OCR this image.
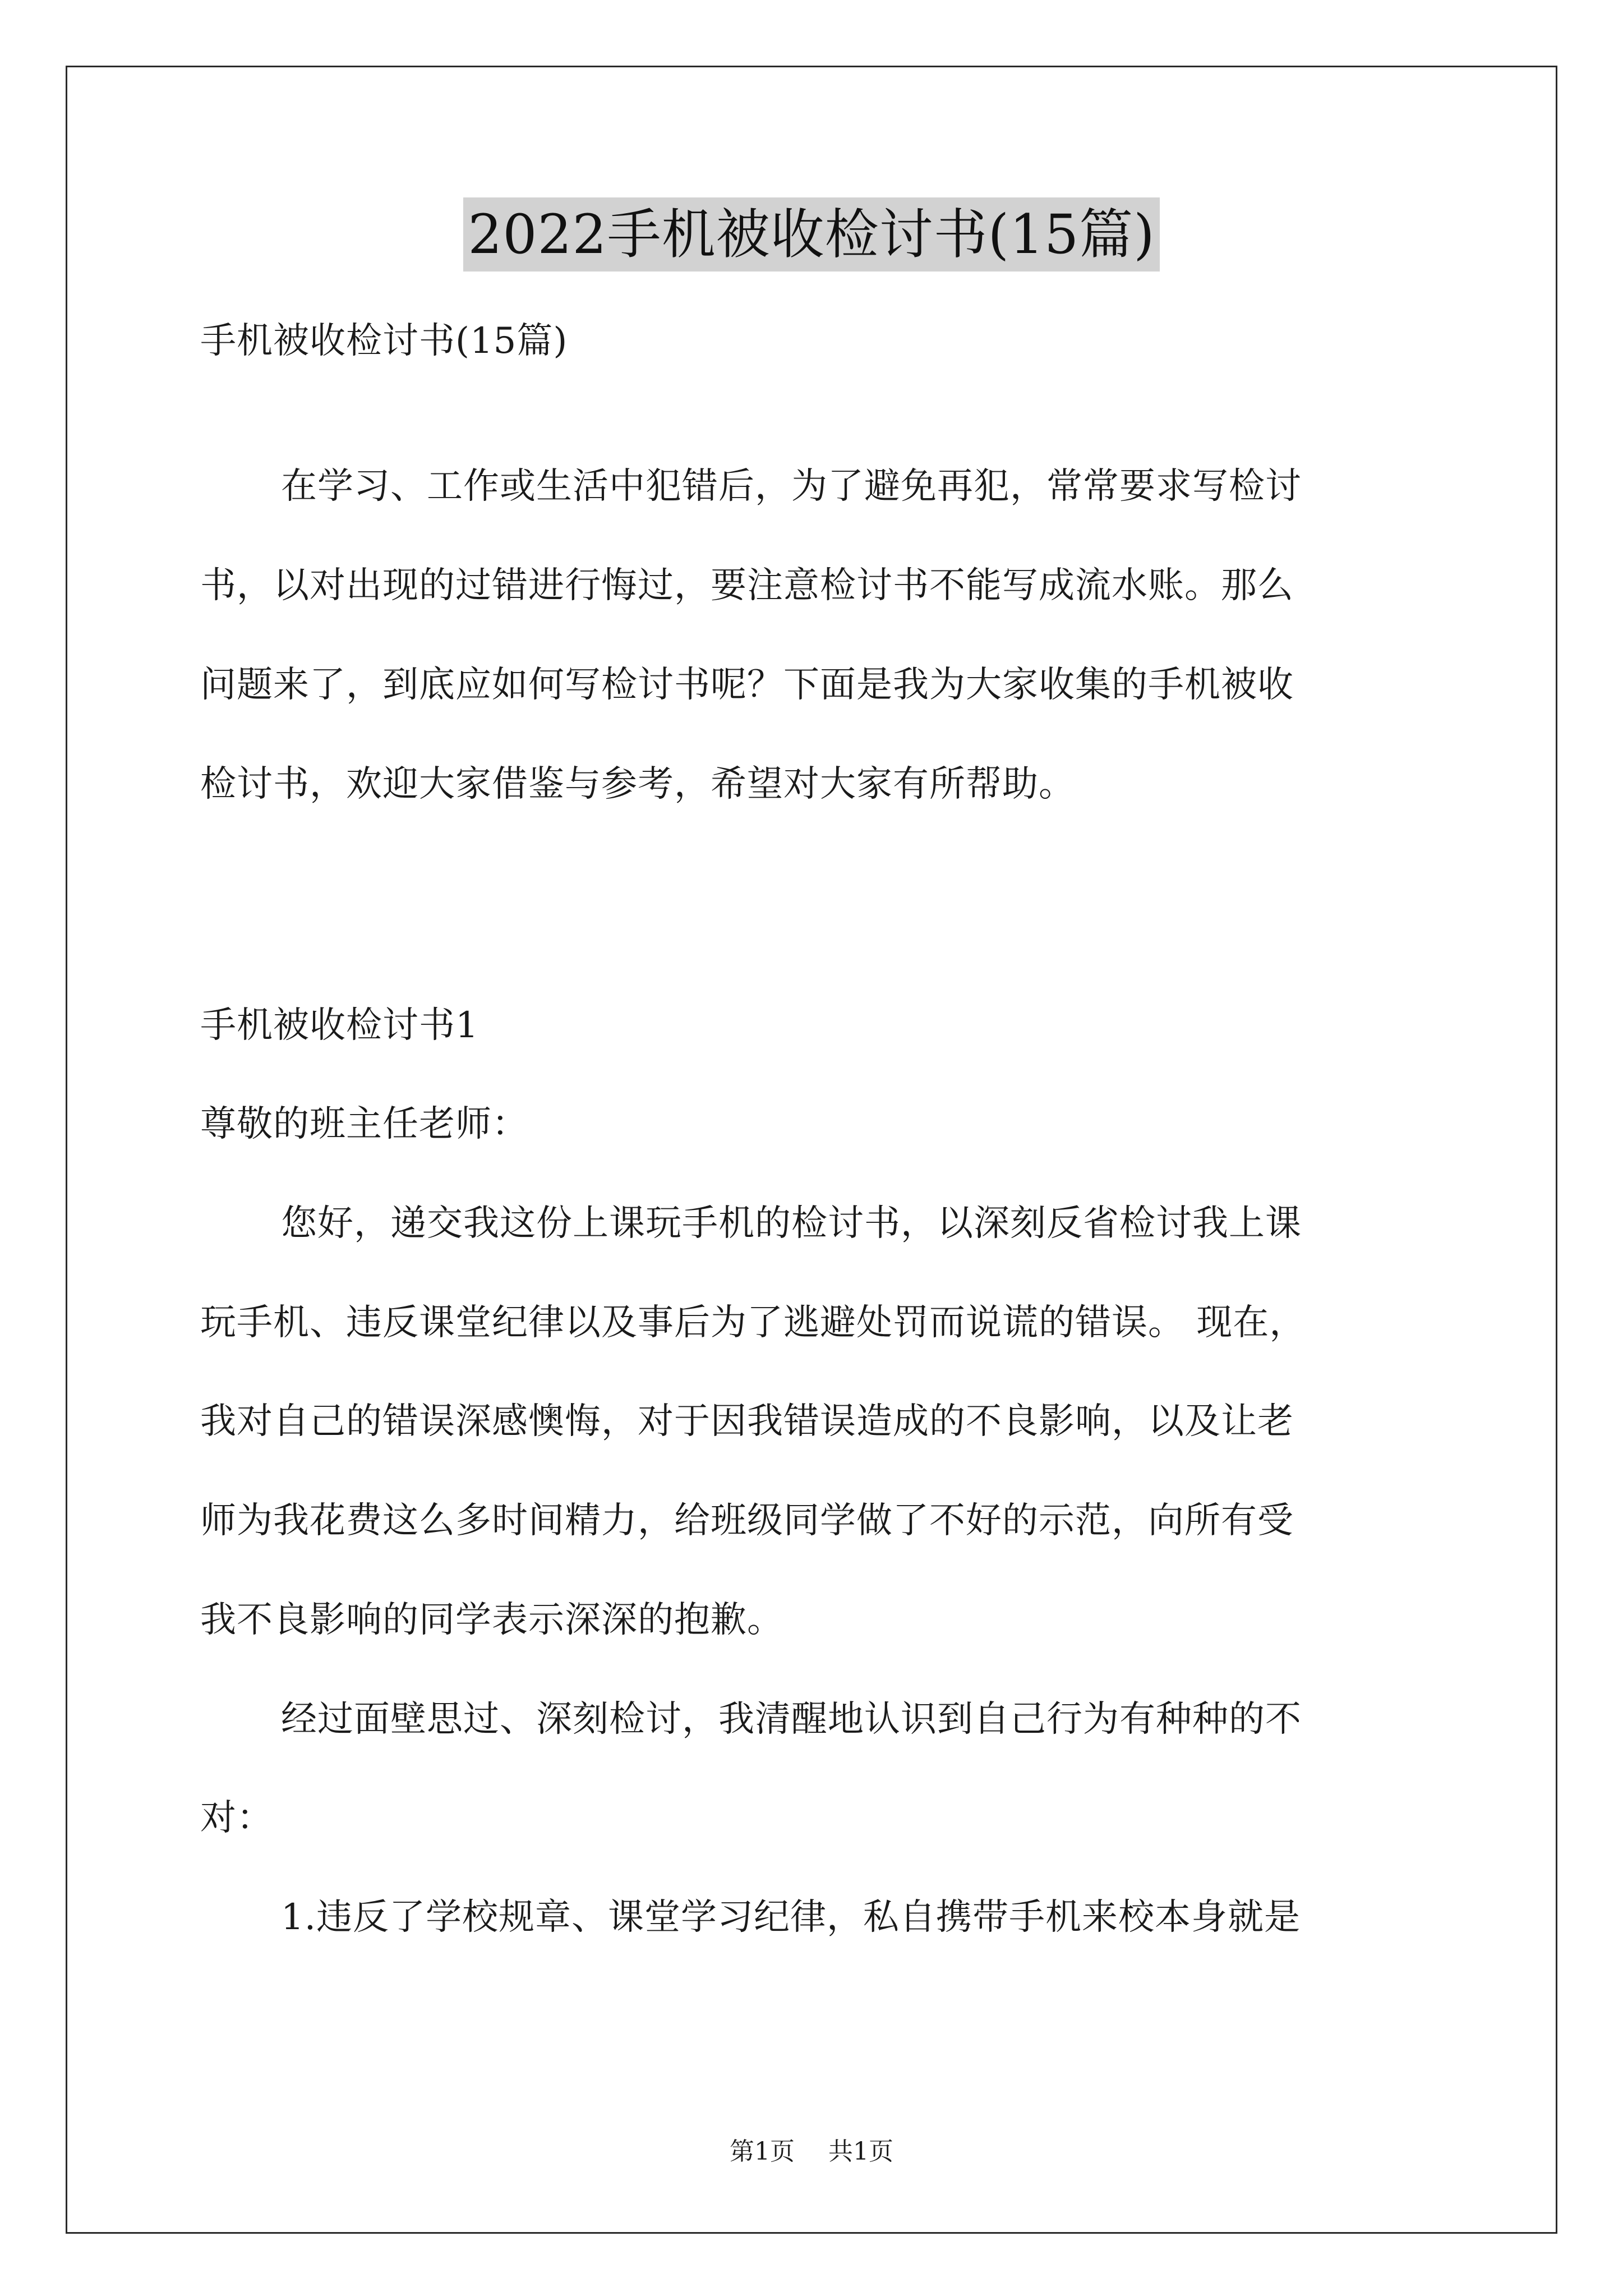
2022手机被收检讨书(15篇)
手机被收检讨书(15篇)
在学习、工作或生活中犯错后，为了避免再犯，常常要求写检讨
书，以对出现的过错进行悔过，要注意检讨书不能写成流水账。那么
问题来了，到底应如何写检讨书呢？下面是我为大家收集的手机被收
检讨书，欢迎大家借鉴与参考，希望对大家有所帮助。
手机被收检讨书1
尊敬的班主任老师：
您好，递交我这份上课玩手机的检讨书，以深刻反省检讨我上课
玩手机、违反课堂纪律以及事后为了逃避处罚而说谎的错误。 现在，
我对自己的错误深感懊悔，对于因我错误造成的不良影响，以及让老
师为我花费这么多时间精力，给班级同学做了不好的示范，向所有受
我不良影响的同学表示深深的抱歉。
经过面壁思过、深刻检讨，我清醒地认识到自己行为有种种的不
对：
1.违反了学校规章、课堂学习纪律，私自携带手机来校本身就是
第1页 共1页
